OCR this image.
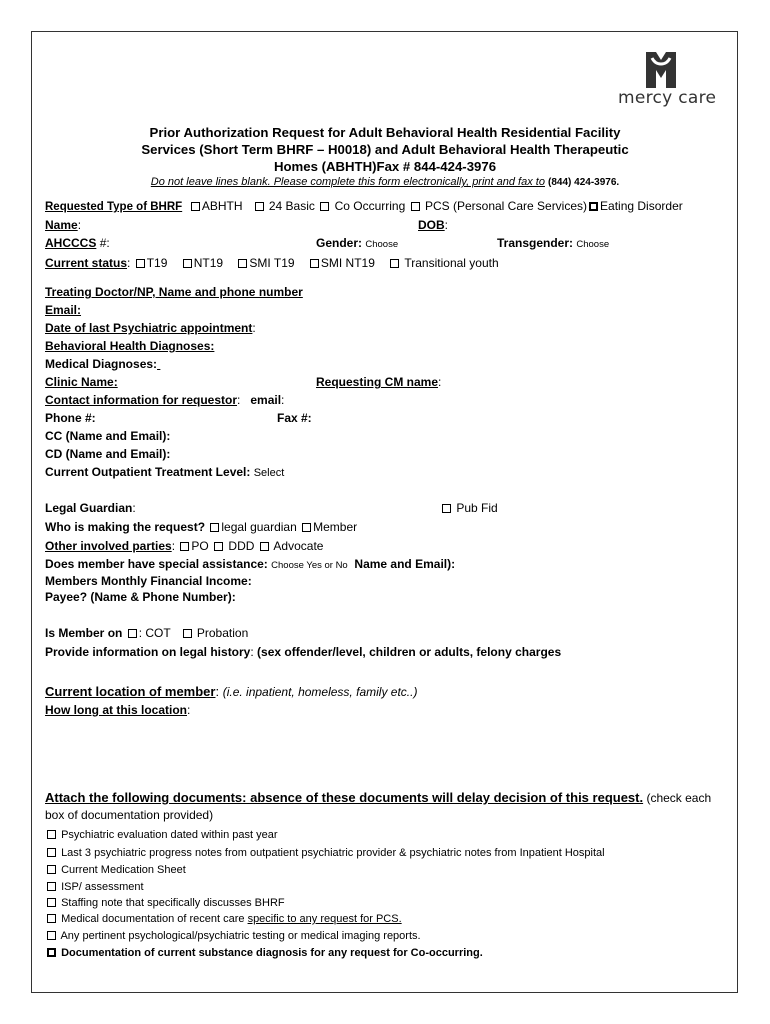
mercy care
Prior Authorization Request for Adult Behavioral Health Residential Facility
Services (Short Term BHRF – H0018) and Adult Behavioral Health Therapeutic
Homes (ABHTH)Fax # 844-424-3976
Do not leave lines blank. Please complete this form electronically, print and fax to (844) 424-3976.
Requested Type of BHRF ABHTH 24 Basic Co Occurring PCS (Personal Care Services) Eating Disorder
Name:	DOB:
AHCCCS #:	Gender: Choose	Transgender: Choose
Current status: T19 NT19 SMI T19 SMI NT19 Transitional youth
Treating Doctor/NP, Name and phone number
Email:
Date of last Psychiatric appointment:
Behavioral Health Diagnoses:
Medical Diagnoses:
Clinic Name:	Requesting CM name:
Contact information for requestor:   email:
Phone #:	Fax #:
CC (Name and Email):
CD (Name and Email):
Current Outpatient Treatment Level: Select
Legal Guardian:	Pub Fid
Who is making the request? legal guardian Member
Other involved parties: PO DDD Advocate
Does member have special assistance: Choose Yes or No Name and Email):
Members Monthly Financial Income:
Payee? (Name & Phone Number):
Is Member on : COT Probation
Provide information on legal history: (sex offender/level, children or adults, felony charges
Current location of member: (i.e. inpatient, homeless, family etc..)
How long at this location:
Attach the following documents: absence of these documents will delay decision of this request. (check each
box of documentation provided)
Psychiatric evaluation dated within past year
Last 3 psychiatric progress notes from outpatient psychiatric provider & psychiatric notes from Inpatient Hospital
Current Medication Sheet
ISP/ assessment
Staffing note that specifically discusses BHRF
Medical documentation of recent care specific to any request for PCS.
Any pertinent psychological/psychiatric testing or medical imaging reports.
Documentation of current substance diagnosis for any request for Co-occurring.
